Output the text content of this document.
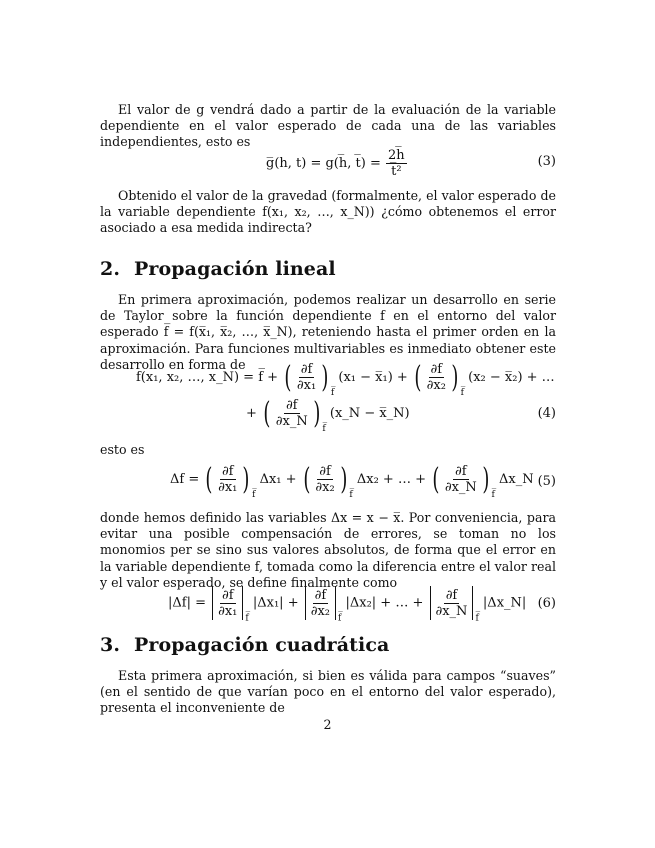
El valor de g vendrá dado a partir de la evaluación de la variable dependiente en el valor esperado de cada una de las variables independientes, esto es

g̅(h, t) = g(h̅, t̅) = $\frac{2h̅}{\text{t̅²}}$	(3)

Obtenido el valor de la gravedad (formalmente, el valor esperado de la variable dependiente f(x₁, x₂, …, x_N)) ¿cómo obtenemos el error asociado a esa medida indirecta?

2. Propagación lineal

En primera aproximación, podemos realizar un desarrollo en serie de Taylor sobre la función dependiente f en el entorno del valor esperado f̅ = f(x̅₁, x̅₂, …, x̅_N), reteniendo hasta el primer orden en la aproximación. Para funciones multivariables es inmediato obtener este desarrollo en forma de

f(x₁, x₂, …, x_N) = f̅ + ( $\frac{\partial f}{\text{∂x₁}}$ ) $_{f̅}$ (x₁ − x̅₁) + ( $\frac{\partial f}{\text{∂x₂}}$ ) $_{f̅}$ (x₂ − x̅₂) + …
+ ( $\frac{\partial f}{\partial x\_N}$ ) $_{f̅}$ (x_N − x̅_N)	(4)

esto es

Δf = ( $\frac{\partial f}{\text{∂x₁}}$ ) $_{f̅}$ Δx₁ + ( $\frac{\partial f}{\text{∂x₂}}$ ) $_{f̅}$ Δx₂ + … + ( $\frac{\partial f}{\partial x\_N}$ ) $_{f̅}$ Δx_N (5)

donde hemos definido las variables Δx = x − x̅. Por conveniencia, para evitar una posible compensación de errores, se toman no los monomios per se sino sus valores absolutos, de forma que el error en la variable dependiente f, tomada como la diferencia entre el valor real y el valor esperado, se define finalmente como

$|\Delta f| = \frac{\partial f}{\text{∂x₁}} _{f̅}$ $|\Delta x_1| + \frac{\partial f}{\text{∂x₂}} _{f̅}$ |Δx₂| + … + $\frac{\partial f}{\partial x\_N} _{f̅}$ |Δx_N| (6)
3. Propagación cuadrática

Esta primera aproximación, si bien es válida para campos “suaves” (en el sentido de que varían poco en el entorno del valor esperado), presenta el inconveniente de

2
